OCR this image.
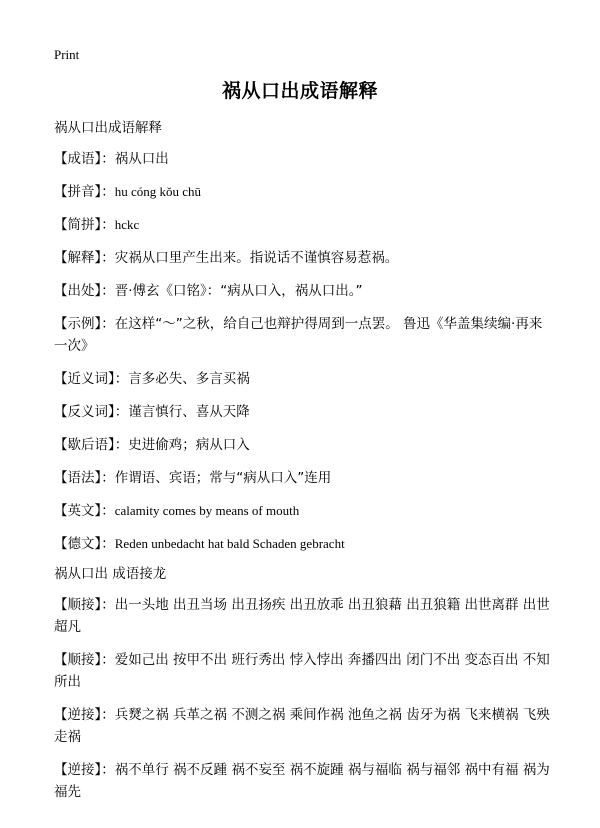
Print
祸从口出成语解释

祸从口出成语解释

【成语】：祸从口出

【拼音】：hu cóng kǒu chū

【简拼】：hckc

【解释】：灾祸从口里产生出来。指说话不谨慎容易惹祸。

【出处】：晋·傅玄《口铭》：“病从口入，祸从口出。”

【示例】：在这样“～”之秋，给自己也辩护得周到一点罢。 鲁迅《华盖集续编·再来一次》

【近义词】：言多必失、多言买祸

【反义词】：谨言慎行、喜从天降

【歇后语】：史进偷鸡；病从口入

【语法】：作谓语、宾语；常与“病从口入”连用

【英文】：calamity comes by means of mouth

【德文】：Reden unbedacht hat bald Schaden gebracht

祸从口出 成语接龙

【顺接】：出一头地 出丑当场 出丑扬疾 出丑放乖 出丑狼藉 出丑狼籍 出世离群 出世超凡

【顺接】：爱如己出 按甲不出 班行秀出 悖入悖出 奔播四出 闭门不出 变态百出 不知所出

【逆接】：兵燹之祸 兵革之祸 不测之祸 乘间作祸 池鱼之祸 齿牙为祸 飞来横祸 飞殃走祸

【逆接】：祸不单行 祸不反踵 祸不妄至 祸不旋踵 祸与福临 祸与福邻 祸中有福 祸为福先
